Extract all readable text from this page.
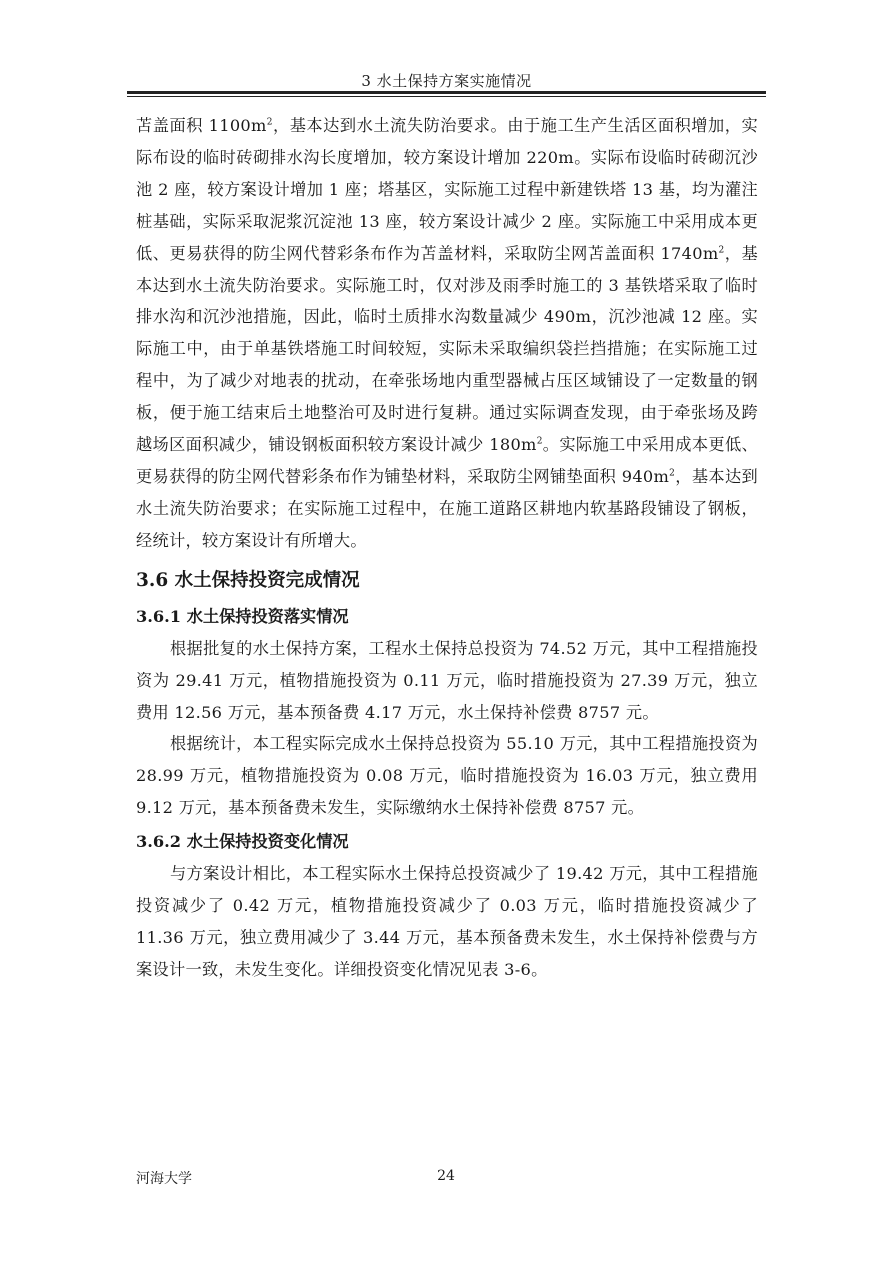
3 水土保持方案实施情况

苫盖面积 $1100m^2$，基本达到水土流失防治要求。由于施工生产生活区面积增加，实际布设的临时砖砌排水沟长度增加，较方案设计增加 220m。实际布设临时砖砌沉沙池 2 座，较方案设计增加 1 座；塔基区，实际施工过程中新建铁塔 13 基，均为灌注桩基础，实际采取泥浆沉淀池 13 座，较方案设计减少 2 座。实际施工中采用成本更低、更易获得的防尘网代替彩条布作为苫盖材料，采取防尘网苫盖面积 $1740m^2$，基本达到水土流失防治要求。实际施工时，仅对涉及雨季时施工的 3 基铁塔采取了临时排水沟和沉沙池措施，因此，临时土质排水沟数量减少 490m，沉沙池减 12 座。实际施工中，由于单基铁塔施工时间较短，实际未采取编织袋拦挡措施；在实际施工过程中，为了减少对地表的扰动，在牵张场地内重型器械占压区域铺设了一定数量的钢板，便于施工结束后土地整治可及时进行复耕。通过实际调查发现，由于牵张场及跨越场区面积减少，铺设钢板面积较方案设计减少 $180m^2$。实际施工中采用成本更低、更易获得的防尘网代替彩条布作为铺垫材料，采取防尘网铺垫面积 $940m^2$，基本达到水土流失防治要求；在实际施工过程中，在施工道路区耕地内软基路段铺设了钢板，经统计，较方案设计有所增大。

3.6 水土保持投资完成情况
3.6.1 水土保持投资落实情况

根据批复的水土保持方案，工程水土保持总投资为 74.52 万元，其中工程措施投资为 29.41 万元，植物措施投资为 0.11 万元，临时措施投资为 27.39 万元，独立费用 12.56 万元，基本预备费 4.17 万元，水土保持补偿费 8757 元。

根据统计，本工程实际完成水土保持总投资为 55.10 万元，其中工程措施投资为 28.99 万元，植物措施投资为 0.08 万元，临时措施投资为 16.03 万元，独立费用 9.12 万元，基本预备费未发生，实际缴纳水土保持补偿费 8757 元。

3.6.2 水土保持投资变化情况

与方案设计相比，本工程实际水土保持总投资减少了 19.42 万元，其中工程措施投资减少了 0.42 万元，植物措施投资减少了 0.03 万元，临时措施投资减少了 11.36 万元，独立费用减少了 3.44 万元，基本预备费未发生，水土保持补偿费与方案设计一致，未发生变化。详细投资变化情况见表 3-6。

河海大学	24
